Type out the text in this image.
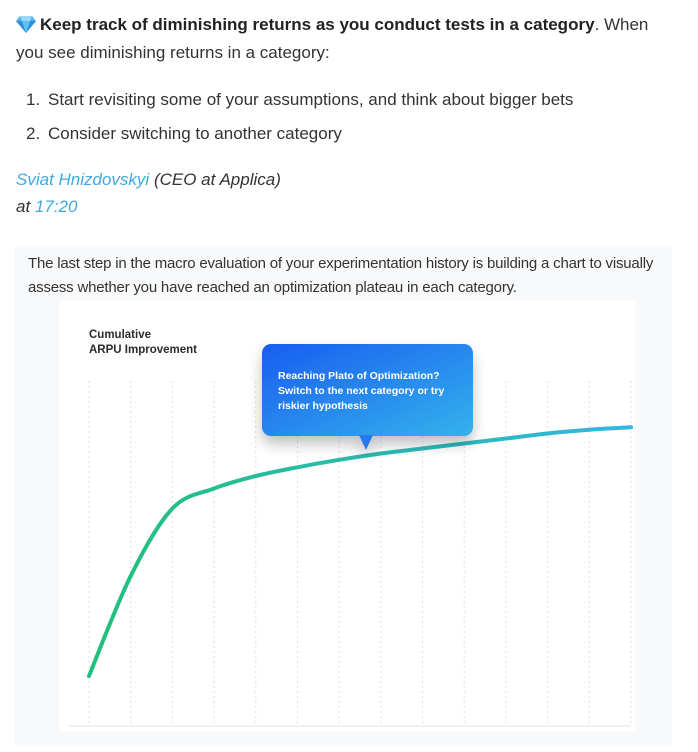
Keep track of diminishing returns as you conduct tests in a category. When you see diminishing returns in a category:
1. Start revisiting some of your assumptions, and think about bigger bets
2. Consider switching to another category
Sviat Hnizdovskyi (CEO at Applica)
at 17:20
The last step in the macro evaluation of your experimentation history is building a chart to visually assess whether you have reached an optimization plateau in each category.
Cumulative
ARPU Improvement
Reaching Plato of Optimization?
Switch to the next category or try
riskier hypothesis
